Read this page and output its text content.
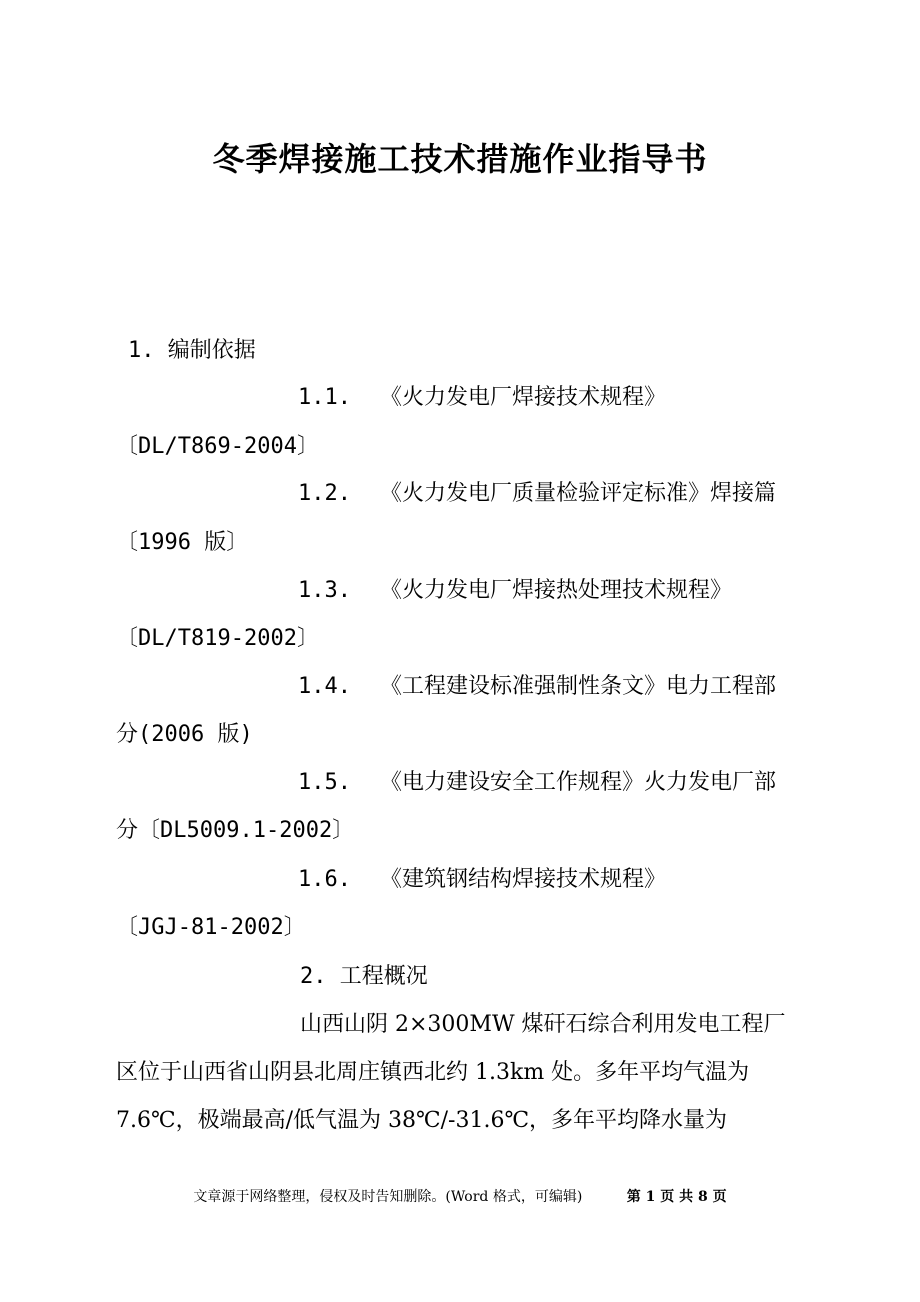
冬季焊接施工技术措施作业指导书
1. 编制依据
1.1. 《火力发电厂焊接技术规程》
〔DL/T869-2004〕
1.2. 《火力发电厂质量检验评定标准》焊接篇
〔1996 版〕
1.3. 《火力发电厂焊接热处理技术规程》
〔DL/T819-2002〕
1.4. 《工程建设标准强制性条文》电力工程部
分(2006 版)
1.5. 《电力建设安全工作规程》火力发电厂部
分〔DL5009.1-2002〕
1.6. 《建筑钢结构焊接技术规程》
〔JGJ-81-2002〕
2. 工程概况
山西山阴 2×300MW 煤矸石综合利用发电工程厂
区位于山西省山阴县北周庄镇西北约 1.3km 处。多年平均气温为
7.6℃，极端最高/低气温为 38℃/-31.6℃，多年平均降水量为
文章源于网络整理，侵权及时告知删除。(Word 格式，可编辑)	第 1 页 共 8 页
